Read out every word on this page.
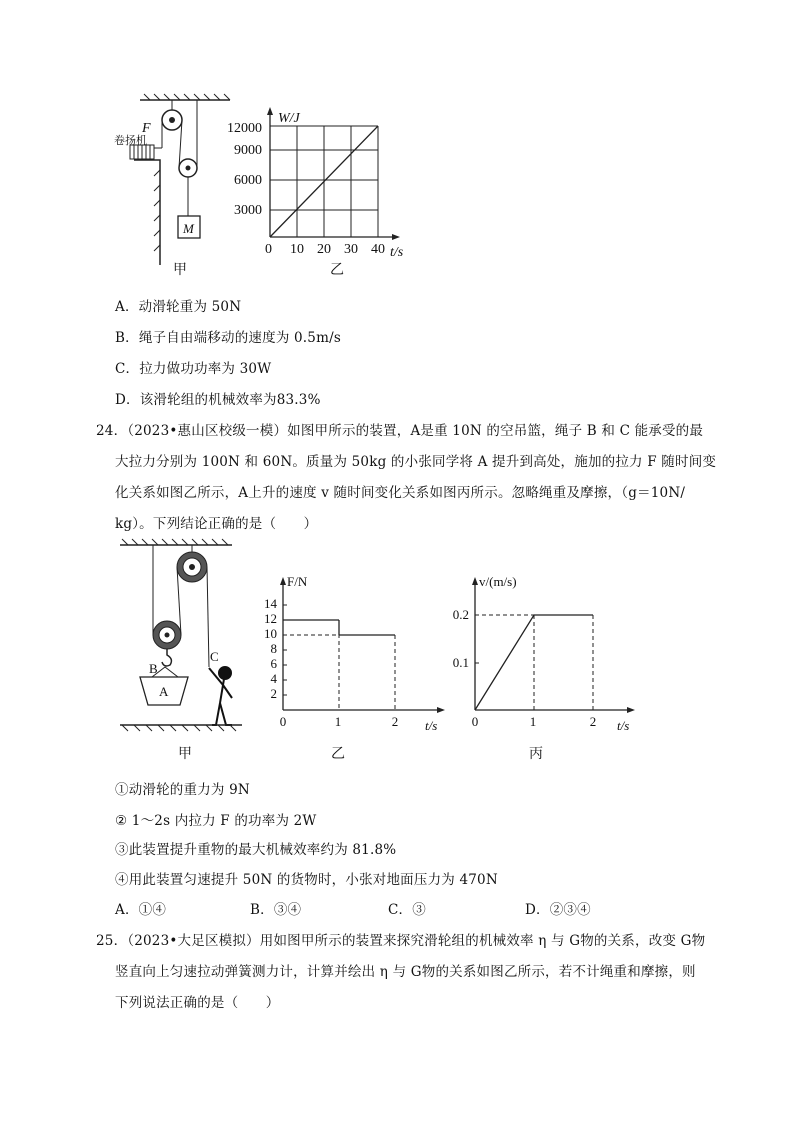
F
卷扬机
M
W/J
t/s
0
3000
6000
9000
12000
10 20 30 40
甲	乙
A．动滑轮重为 50N
B．绳子自由端移动的速度为 0.5m/s
C．拉力做功功率为 30W
D．该滑轮组的机械效率为83.3%
24．（2023•惠山区校级一模）如图甲所示的装置，A是重 10N 的空吊篮，绳子 B 和 C 能承受的最
大拉力分别为 100N 和 60N。质量为 50kg 的小张同学将 A 提升到高处，施加的拉力 F 随时间变
化关系如图乙所示，A上升的速度 v 随时间变化关系如图丙所示。忽略绳重及摩擦，（g＝10N/
kg）。下列结论正确的是（　　）
A
B
C
F/N
t/s
2
4
6
8
10
12
14
0	1	2
v/(m/s)
t/s
0.1
0.2
0	1	2
甲	乙	丙
①动滑轮的重力为 9N
② 1～2s 内拉力 F 的功率为 2W
③此装置提升重物的最大机械效率约为 81.8%
④用此装置匀速提升 50N 的货物时，小张对地面压力为 470N
A．①④	B．③④	C．③	D．②③④
25．（2023•大足区模拟）用如图甲所示的装置来探究滑轮组的机械效率 η 与 G物的关系，改变 G物
竖直向上匀速拉动弹簧测力计，计算并绘出 η 与 G物的关系如图乙所示，若不计绳重和摩擦，则
下列说法正确的是（　　）
